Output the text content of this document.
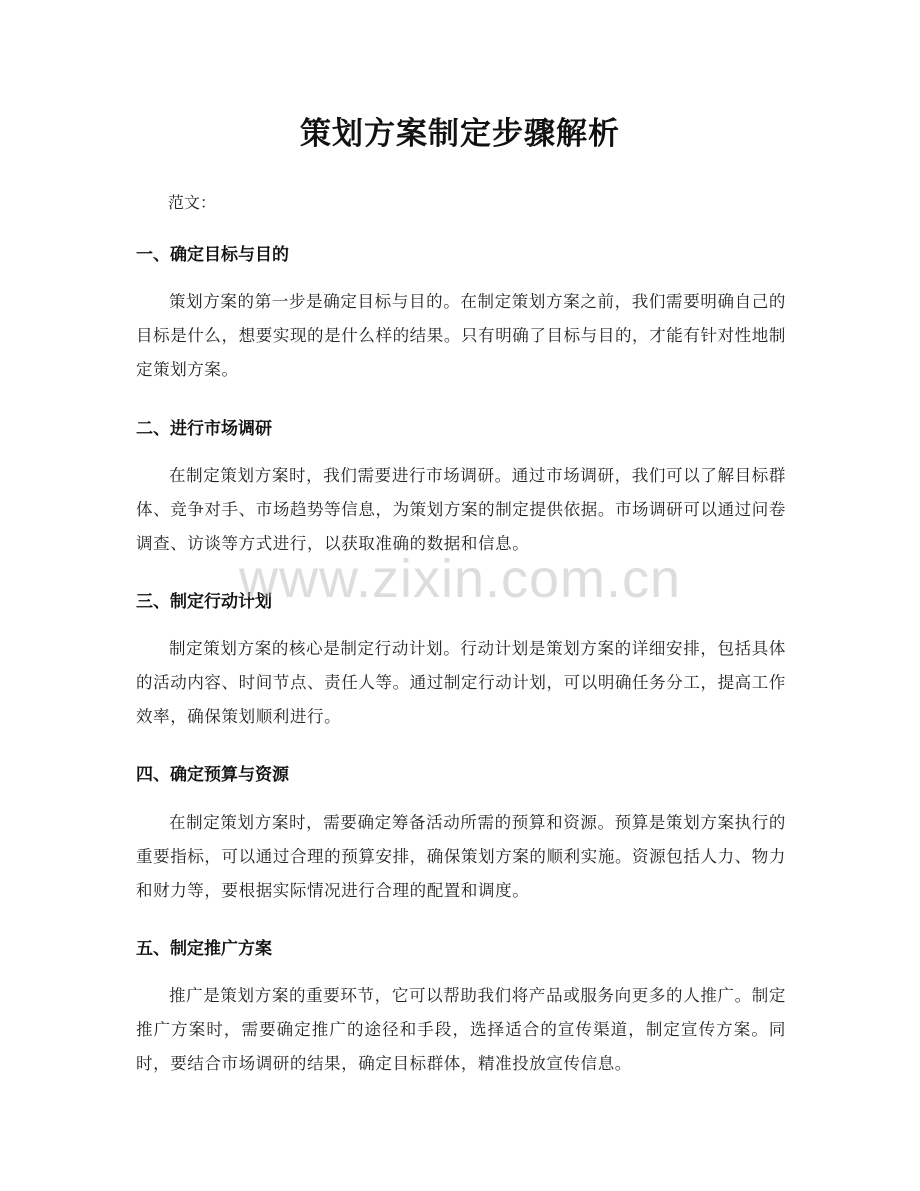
策划方案制定步骤解析
范文：
一、确定目标与目的
策划方案的第一步是确定目标与目的。在制定策划方案之前，我们需要明确自己的目标是什么，想要实现的是什么样的结果。只有明确了目标与目的，才能有针对性地制定策划方案。
二、进行市场调研
在制定策划方案时，我们需要进行市场调研。通过市场调研，我们可以了解目标群体、竞争对手、市场趋势等信息，为策划方案的制定提供依据。市场调研可以通过问卷调查、访谈等方式进行，以获取准确的数据和信息。
三、制定行动计划
制定策划方案的核心是制定行动计划。行动计划是策划方案的详细安排，包括具体的活动内容、时间节点、责任人等。通过制定行动计划，可以明确任务分工，提高工作效率，确保策划顺利进行。
四、确定预算与资源
在制定策划方案时，需要确定筹备活动所需的预算和资源。预算是策划方案执行的重要指标，可以通过合理的预算安排，确保策划方案的顺利实施。资源包括人力、物力和财力等，要根据实际情况进行合理的配置和调度。
五、制定推广方案
推广是策划方案的重要环节，它可以帮助我们将产品或服务向更多的人推广。制定推广方案时，需要确定推广的途径和手段，选择适合的宣传渠道，制定宣传方案。同时，要结合市场调研的结果，确定目标群体，精准投放宣传信息。
www.zixin.com.cn
